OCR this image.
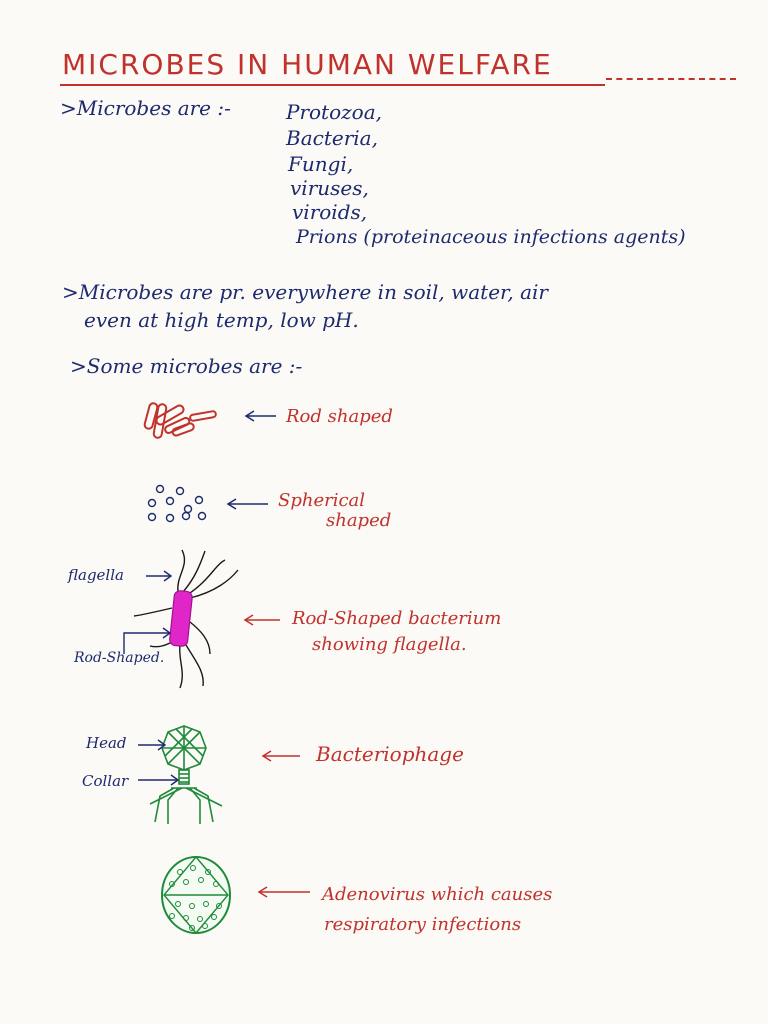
MICROBES IN HUMAN WELFARE
>Microbes are :-	Protozoa,
Bacteria,
Fungi,
viruses,
viroids,
Prions (proteinaceous infections agents)
>Microbes are pr. everywhere in soil, water, air
even at high temp, low pH.
>Some microbes are :-
Rod shaped
Spherical
shaped
Rod-Shaped bacterium
showing flagella.
Bacteriophage
Adenovirus which causes
respiratory infections
flagella
Rod-Shaped.
Head
Collar
